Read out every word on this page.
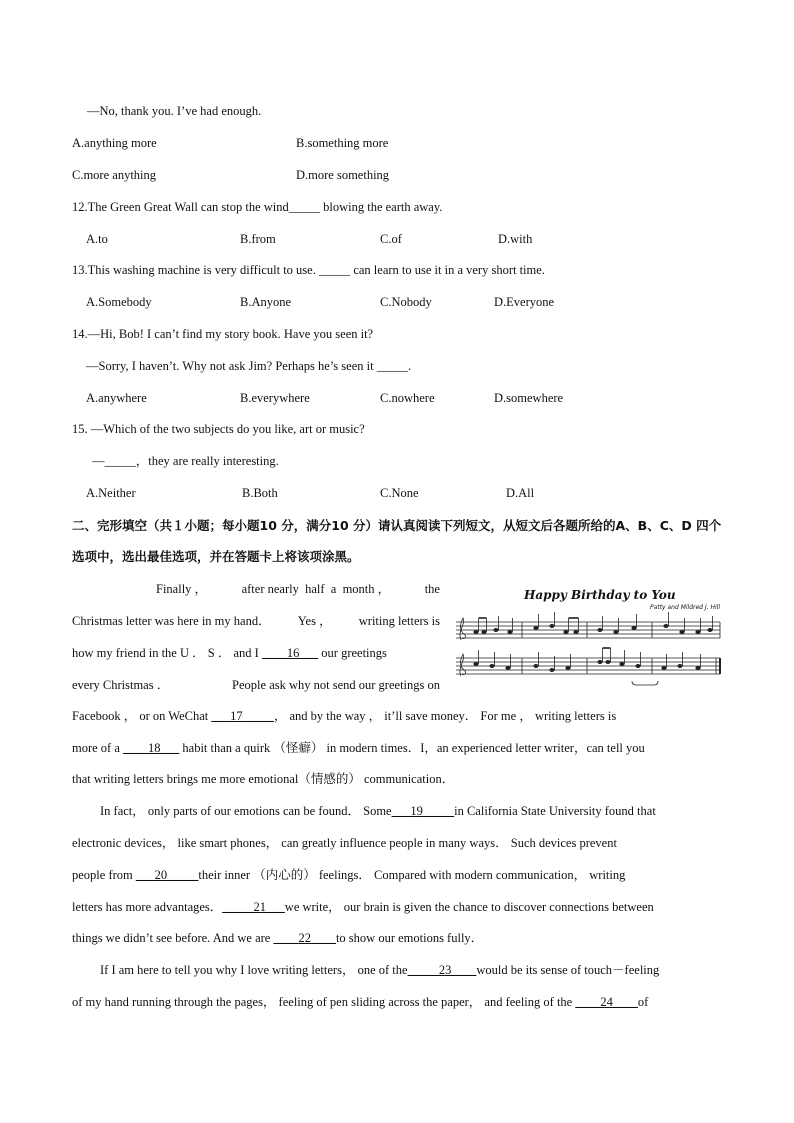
—No, thank you. I’ve had enough.
A.anything more	B.something more
C.more anything	D.more something
12.The Green Great Wall can stop the wind_____ blowing the earth away.
A.to	B.from	C.of	D.with
13.This washing machine is very difficult to use. _____ can learn to use it in a very short time.
A.Somebody	B.Anyone	C.Nobody	D.Everyone
14.—Hi, Bob! I can’t find my story book. Have you seen it?
—Sorry, I haven’t. Why not ask Jim? Perhaps he’s seen it _____.
A.anywhere	B.everywhere	C.nowhere	D.somewhere
15. —Which of the two subjects do you like, art or music?
—_____，they are really interesting.
A.Neither	B.Both	C.None	D.All
二、完形填空（共１小题；每小题10 分，满分10 分）请认真阅读下列短文，从短文后各题所给的A、B、C、D 四个选项中，选出最佳选项，并在答题卡上将该项涂黑。
Happy Birthday to You
Patty and Mildred J. Hill
Finally ，	after nearly  half  a  month ，	the
Christmas letter was here in my hand． Yes ， writing letters is
how my friend in the U ． S ． and I ____16___ our greetings
every Christmas ．	People ask why not send our greetings on
Facebook ， or on WeChat ___17_____， and by the way ， it’ll save money． For me ， writing letters is
more of a ____18___ habit than a quirk （怪癖） in modern times．I，an experienced letter writer，can tell you
that writing letters brings me more emotional（情感的） communication．
In fact， only parts of our emotions can be found． Some___19_____in California State University found that
electronic devices， like smart phones， can greatly influence people in many ways． Such devices prevent
people from ___20_____their inner （内心的） feelings． Compared with modern communication， writing
letters has more advantages．_____21___we write， our brain is given the chance to discover connections between
things we didn’t see before. And we are ____22____to show our emotions fully．
If I am here to tell you why I love writing letters， one of the_____23____would be its sense of touch－feeling
of my hand running through the pages， feeling of pen sliding across the paper， and feeling of the ____24____of
